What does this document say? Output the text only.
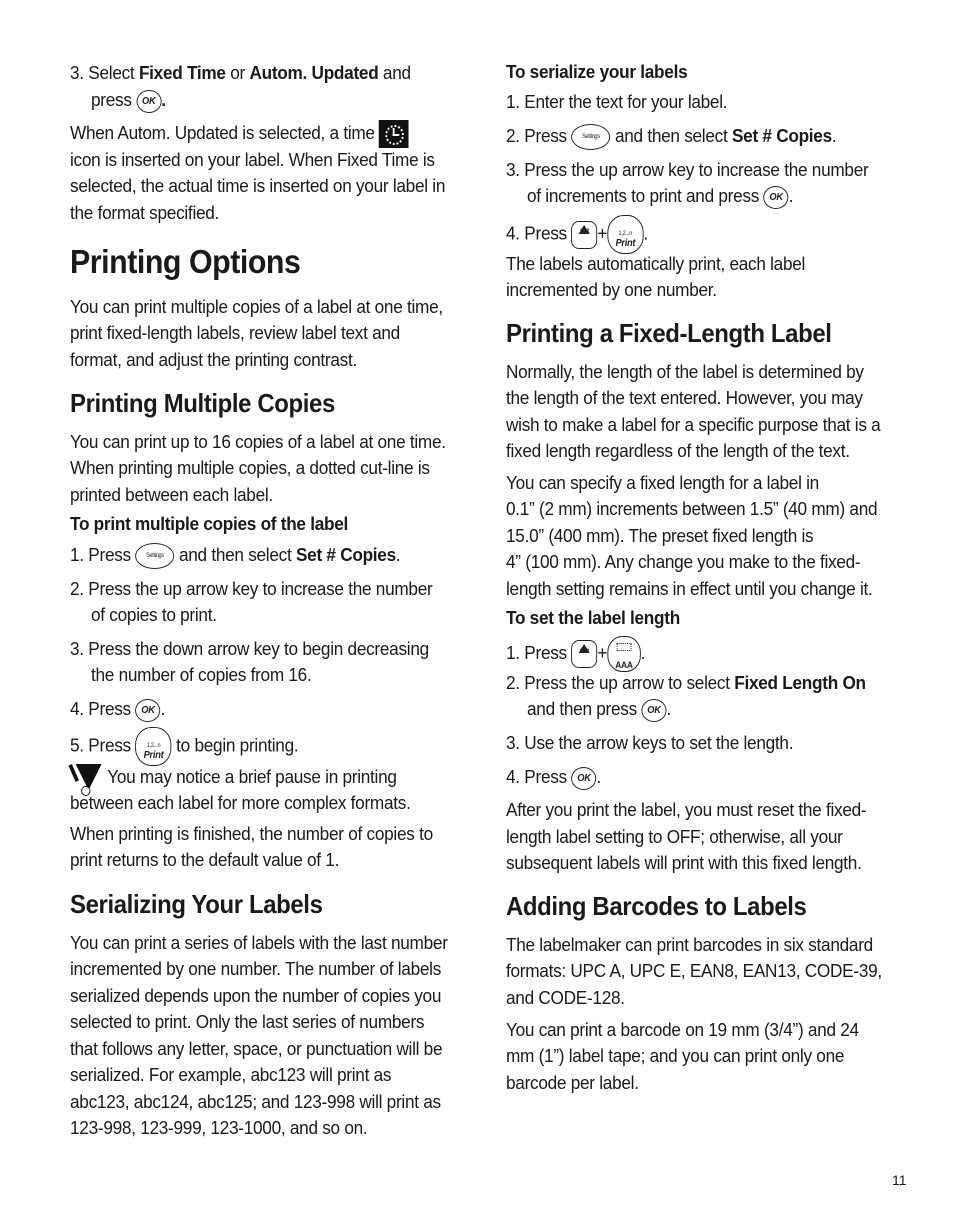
3. Select Fixed Time or Autom. Updated and
press OK .
When Autom. Updated is selected, a time
icon is inserted on your label. When Fixed Time is
selected, the actual time is inserted on your label in
the format specified.
Printing Options
You can print multiple copies of a label at one time,
print fixed-length labels, review label text and
format, and adjust the printing contrast.
Printing Multiple Copies
You can print up to 16 copies of a label at one time.
When printing multiple copies, a dotted cut-line is
printed between each label.
To print multiple copies of the label
1. Press Settings and then select Set # Copies.
2. Press the up arrow key to increase the number
of copies to print.
3. Press the down arrow key to begin decreasing
the number of copies from 16.
4. Press OK .
5. Press	1,2...n
Print
to begin printing.
You may notice a brief pause in printing
between each label for more complex formats.
When printing is finished, the number of copies to
print returns to the default value of 1.
Serializing Your Labels
You can print a series of labels with the last number
incremented by one number. The number of labels
serialized depends upon the number of copies you
selected to print. Only the last series of numbers
that follows any letter, space, or punctuation will be
serialized. For example, abc123 will print as
abc123, abc124, abc125; and 123-998 will print as
123-998, 123-999, 123-1000, and so on.
To serialize your labels
1. Enter the text for your label.
2. Press Settings and then select Set # Copies.
3. Press the up arrow key to increase the number
of increments to print and press OK .
4. Press	Shift +	1,2...n
Print
.
The labels automatically print, each label
incremented by one number.
Printing a Fixed-Length Label
Normally, the length of the label is determined by
the length of the text entered. However, you may
wish to make a label for a specific purpose that is a
fixed length regardless of the length of the text.
You can specify a fixed length for a label in
0.1” (2 mm) increments between 1.5” (40 mm) and
15.0” (400 mm). The preset fixed length is
4” (100 mm). Any change you make to the fixed-
length setting remains in effect until you change it.
To set the label length
1. Press	Shift +
AAA
.
2. Press the up arrow to select Fixed Length On
and then press OK .
3. Use the arrow keys to set the length.
4. Press OK .
After you print the label, you must reset the fixed-
length label setting to OFF; otherwise, all your
subsequent labels will print with this fixed length.
Adding Barcodes to Labels
The labelmaker can print barcodes in six standard
formats: UPC A, UPC E, EAN8, EAN13, CODE-39,
and CODE-128.
You can print a barcode on 19 mm (3/4”) and 24
mm (1”) label tape; and you can print only one
barcode per label.
11
